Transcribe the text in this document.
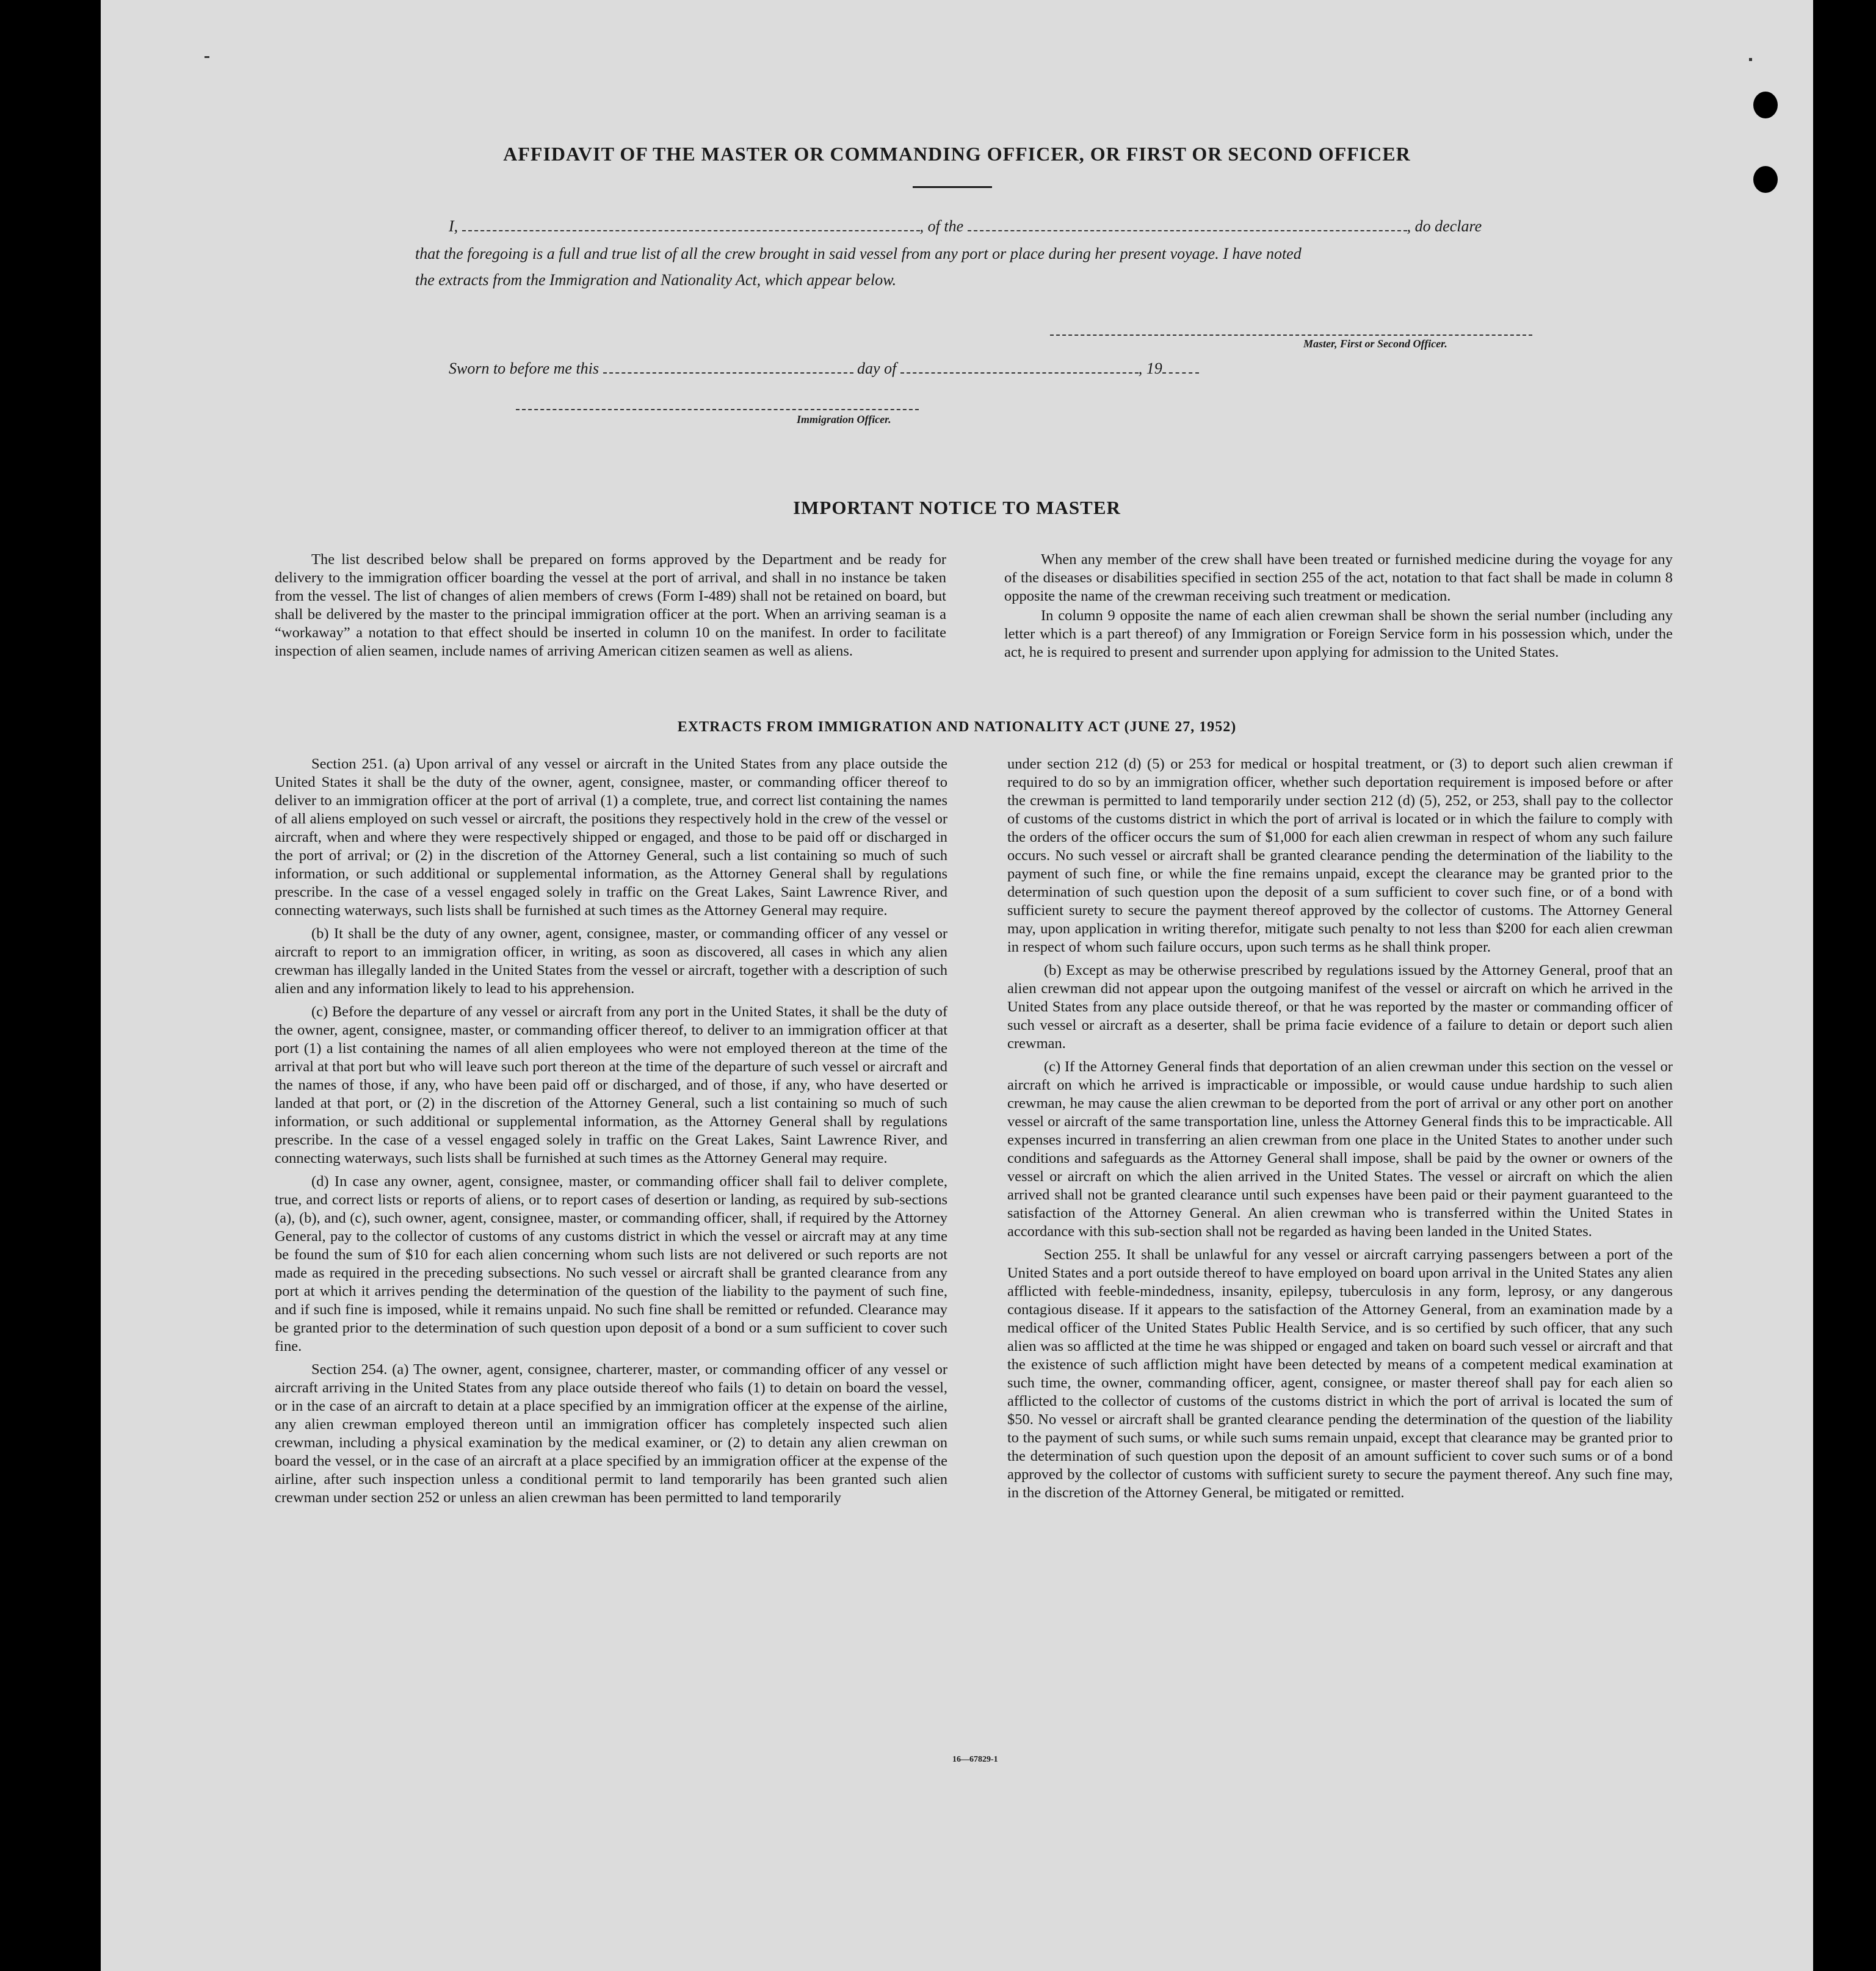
AFFIDAVIT OF THE MASTER OR COMMANDING OFFICER, OR FIRST OR SECOND OFFICER
I,	, of the	, do declare
that the foregoing is a full and true list of all the crew brought in said vessel from any port or place during her present voyage. I have noted
the extracts from the Immigration and Nationality Act, which appear below.
Master, First or Second Officer.
Sworn to before me this	day of	, 19
Immigration Officer.
IMPORTANT NOTICE TO MASTER

The list described below shall be prepared on forms approved by the Department and be ready for delivery to the immigration officer boarding the vessel at the port of arrival, and shall in no instance be taken from the vessel. The list of changes of alien members of crews (Form I-489) shall not be retained on board, but shall be delivered by the master to the principal immigration officer at the port. When an arriving seaman is a “workaway” a notation to that effect should be inserted in column 10 on the manifest. In order to facilitate inspection of alien seamen, include names of arriving American citizen seamen as well as aliens.

When any member of the crew shall have been treated or furnished medicine during the voyage for any of the diseases or disabilities specified in section 255 of the act, notation to that fact shall be made in column 8 opposite the name of the crewman receiving such treatment or medication.

In column 9 opposite the name of each alien crewman shall be shown the serial number (including any letter which is a part thereof) of any Immigration or Foreign Service form in his possession which, under the act, he is required to present and surrender upon applying for admission to the United States.

EXTRACTS FROM IMMIGRATION AND NATIONALITY ACT (JUNE 27, 1952)

Section 251. (a) Upon arrival of any vessel or aircraft in the United States from any place outside the United States it shall be the duty of the owner, agent, consignee, master, or commanding officer thereof to deliver to an immigration officer at the port of arrival (1) a complete, true, and correct list containing the names of all aliens employed on such vessel or aircraft, the positions they respectively hold in the crew of the vessel or aircraft, when and where they were respectively shipped or engaged, and those to be paid off or discharged in the port of arrival; or (2) in the discretion of the Attorney General, such a list containing so much of such information, or such additional or supplemental information, as the Attorney General shall by regulations prescribe. In the case of a vessel engaged solely in traffic on the Great Lakes, Saint Lawrence River, and connecting waterways, such lists shall be furnished at such times as the Attorney General may require.

(b) It shall be the duty of any owner, agent, consignee, master, or commanding officer of any vessel or aircraft to report to an immigration officer, in writing, as soon as discovered, all cases in which any alien crewman has illegally landed in the United States from the vessel or aircraft, together with a description of such alien and any information likely to lead to his apprehension.

(c) Before the departure of any vessel or aircraft from any port in the United States, it shall be the duty of the owner, agent, consignee, master, or commanding officer thereof, to deliver to an immigration officer at that port (1) a list containing the names of all alien employees who were not employed thereon at the time of the arrival at that port but who will leave such port thereon at the time of the departure of such vessel or aircraft and the names of those, if any, who have been paid off or discharged, and of those, if any, who have deserted or landed at that port, or (2) in the discretion of the Attorney General, such a list containing so much of such information, or such additional or supplemental information, as the Attorney General shall by regulations prescribe. In the case of a vessel engaged solely in traffic on the Great Lakes, Saint Lawrence River, and connecting waterways, such lists shall be furnished at such times as the Attorney General may require.

(d) In case any owner, agent, consignee, master, or commanding officer shall fail to deliver complete, true, and correct lists or reports of aliens, or to report cases of desertion or landing, as required by sub-sections (a), (b), and (c), such owner, agent, consignee, master, or commanding officer, shall, if required by the Attorney General, pay to the collector of customs of any customs district in which the vessel or aircraft may at any time be found the sum of $10 for each alien concerning whom such lists are not delivered or such reports are not made as required in the preceding subsections. No such vessel or aircraft shall be granted clearance from any port at which it arrives pending the determination of the question of the liability to the payment of such fine, and if such fine is imposed, while it remains unpaid. No such fine shall be remitted or refunded. Clearance may be granted prior to the determination of such question upon deposit of a bond or a sum sufficient to cover such fine.

Section 254. (a) The owner, agent, consignee, charterer, master, or commanding officer of any vessel or aircraft arriving in the United States from any place outside thereof who fails (1) to detain on board the vessel, or in the case of an aircraft to detain at a place specified by an immigration officer at the expense of the airline, any alien crewman employed thereon until an immigration officer has completely inspected such alien crewman, including a physical examination by the medical examiner, or (2) to detain any alien crewman on board the vessel, or in the case of an aircraft at a place specified by an immigration officer at the expense of the airline, after such inspection unless a conditional permit to land temporarily has been granted such alien crewman under section 252 or unless an alien crewman has been permitted to land temporarily

under section 212 (d) (5) or 253 for medical or hospital treatment, or (3) to deport such alien crewman if required to do so by an immigration officer, whether such deportation requirement is imposed before or after the crewman is permitted to land temporarily under section 212 (d) (5), 252, or 253, shall pay to the collector of customs of the customs district in which the port of arrival is located or in which the failure to comply with the orders of the officer occurs the sum of $1,000 for each alien crewman in respect of whom any such failure occurs. No such vessel or aircraft shall be granted clearance pending the determination of the liability to the payment of such fine, or while the fine remains unpaid, except the clearance may be granted prior to the determination of such question upon the deposit of a sum sufficient to cover such fine, or of a bond with sufficient surety to secure the payment thereof approved by the collector of customs. The Attorney General may, upon application in writing therefor, mitigate such penalty to not less than $200 for each alien crewman in respect of whom such failure occurs, upon such terms as he shall think proper.

(b) Except as may be otherwise prescribed by regulations issued by the Attorney General, proof that an alien crewman did not appear upon the outgoing manifest of the vessel or aircraft on which he arrived in the United States from any place outside thereof, or that he was reported by the master or commanding officer of such vessel or aircraft as a deserter, shall be prima facie evidence of a failure to detain or deport such alien crewman.

(c) If the Attorney General finds that deportation of an alien crewman under this section on the vessel or aircraft on which he arrived is impracticable or impossible, or would cause undue hardship to such alien crewman, he may cause the alien crewman to be deported from the port of arrival or any other port on another vessel or aircraft of the same transportation line, unless the Attorney General finds this to be impracticable. All expenses incurred in transferring an alien crewman from one place in the United States to another under such conditions and safeguards as the Attorney General shall impose, shall be paid by the owner or owners of the vessel or aircraft on which the alien arrived in the United States. The vessel or aircraft on which the alien arrived shall not be granted clearance until such expenses have been paid or their payment guaranteed to the satisfaction of the Attorney General. An alien crewman who is transferred within the United States in accordance with this sub-section shall not be regarded as having been landed in the United States.

Section 255. It shall be unlawful for any vessel or aircraft carrying passengers between a port of the United States and a port outside thereof to have employed on board upon arrival in the United States any alien afflicted with feeble-mindedness, insanity, epilepsy, tuberculosis in any form, leprosy, or any dangerous contagious disease. If it appears to the satisfaction of the Attorney General, from an examination made by a medical officer of the United States Public Health Service, and is so certified by such officer, that any such alien was so afflicted at the time he was shipped or engaged and taken on board such vessel or aircraft and that the existence of such affliction might have been detected by means of a competent medical examination at such time, the owner, commanding officer, agent, consignee, or master thereof shall pay for each alien so afflicted to the collector of customs of the customs district in which the port of arrival is located the sum of $50. No vessel or aircraft shall be granted clearance pending the determination of the question of the liability to the payment of such sums, or while such sums remain unpaid, except that clearance may be granted prior to the determination of such question upon the deposit of an amount sufficient to cover such sums or of a bond approved by the collector of customs with sufficient surety to secure the payment thereof. Any such fine may, in the discretion of the Attorney General, be mitigated or remitted.

16—67829-1
